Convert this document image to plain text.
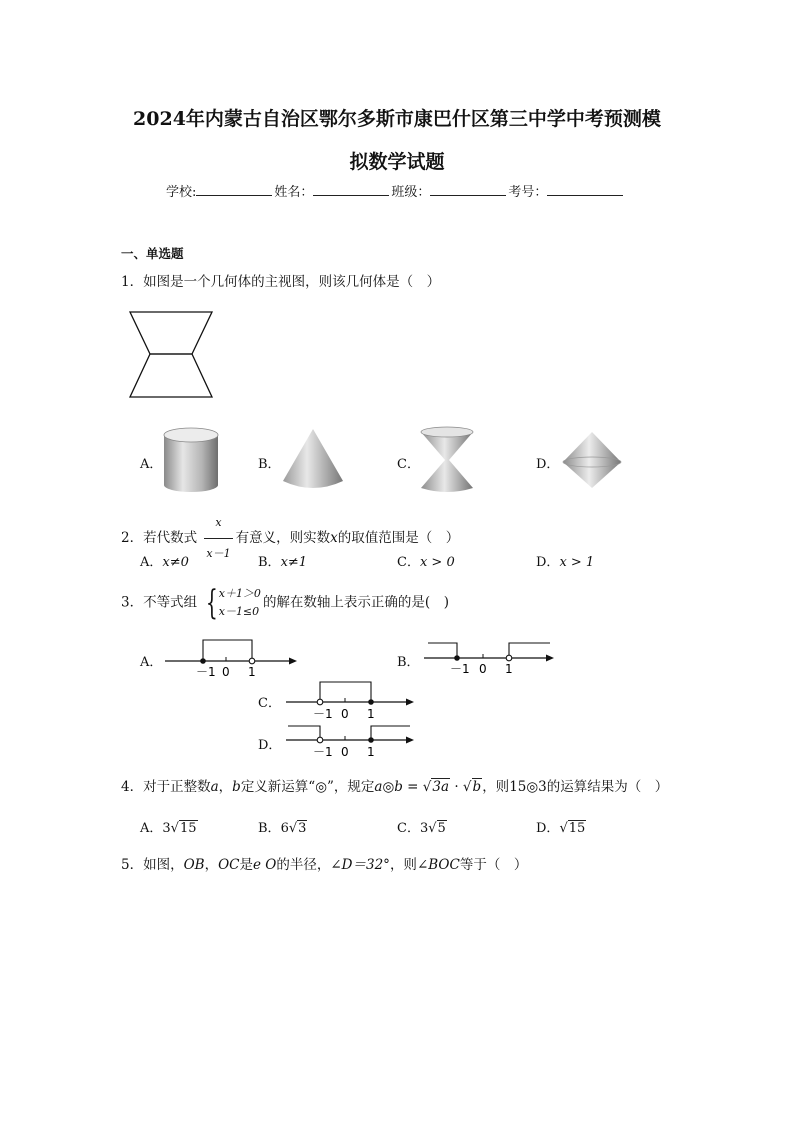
2024年内蒙古自治区鄂尔多斯市康巴什区第三中学中考预测模
拟数学试题
学校:	姓名：	班级：	考号：
一、单选题
1．如图是一个几何体的主视图，则该几何体是（　）
A．	B．	C．	D．
2．若代数式 $\frac{x}{x-1}$ 有意义，则实数x的取值范围是（　）
A．x≠0	B．x≠1	C．x > 0	D．x > 1
3．不等式组 { x＋1＞0
x－1≤0
的解在数轴上表示正确的是(　)
A．
－1 0 1
B．	－1 0 1
C．
－1 0 1
D．	－1 0 1
4．对于正整数a，b定义新运算“◎”，规定a◎b = √3a · √b，则15◎3的运算结果为（　）
A．3√15	B．6√3	C．3√5	D．√15
5．如图，OB，OC是e O的半径，∠D＝32°，则∠BOC等于（　）
